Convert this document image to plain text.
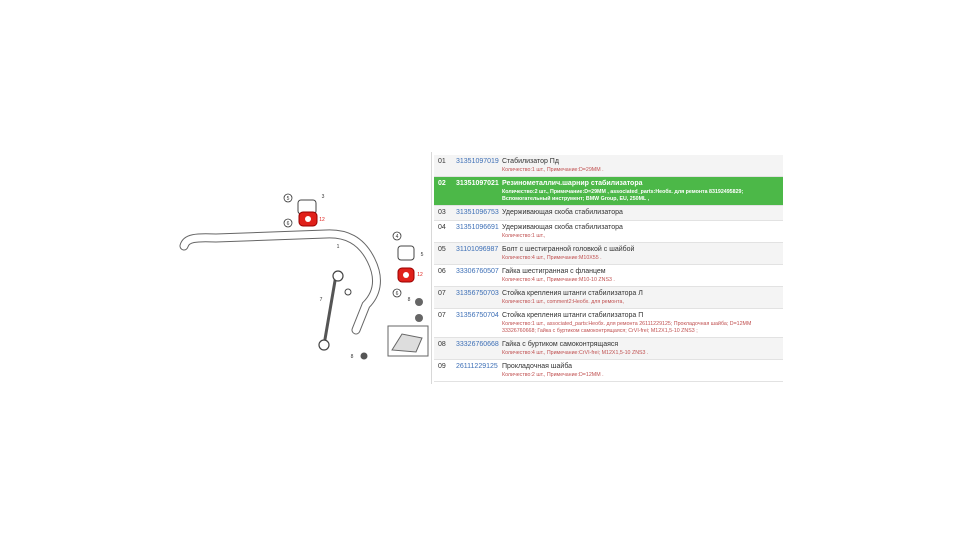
5
6
3
12
1
4
5
12
6
7
8
8
01	31351097019	Стабилизатор Пд
Количество:1 шт., Примечание:D=29MM .

02	31351097021	Резинометаллич.шарнир стабилизатора
Количество:2 шт., Примечание:D=29MM , associated_parts:Необх. для ремонта 83192495829; Вспомогательный инструмент; BMW Group, EU, 250ML ,

03	31351096753	Удерживающая скоба стабилизатора

04	31351096691	Удерживающая скоба стабилизатора
Количество:1 шт.,

05	31101096987	Болт с шестигранной головкой с шайбой
Количество:4 шт., Примечание:M10X55 .

06	33306760507	Гайка шестигранная с фланцем
Количество:4 шт., Примечание:M10-10 ZNS3 .

07	31356750703	Стойка крепления штанги стабилизатора Л
Количество:1 шт., comment2:Необх. для ремонта,

07	31356750704	Стойка крепления штанги стабилизатора П
Количество:1 шт., associated_parts:Необх. для ремонта 26111229125; Прокладочная шайба; D=12MM 33326760668; Гайка с буртиком самоконтрящаяся; CrVI-frei; M12X1,5-10 ZNS3 ;

08	33326760668	Гайка с буртиком самоконтрящаяся
Количество:4 шт., Примечание:CrVI-frei; M12X1,5-10 ZNS3 .

09	26111229125	Прокладочная шайба
Количество:2 шт., Примечание:D=12MM .
